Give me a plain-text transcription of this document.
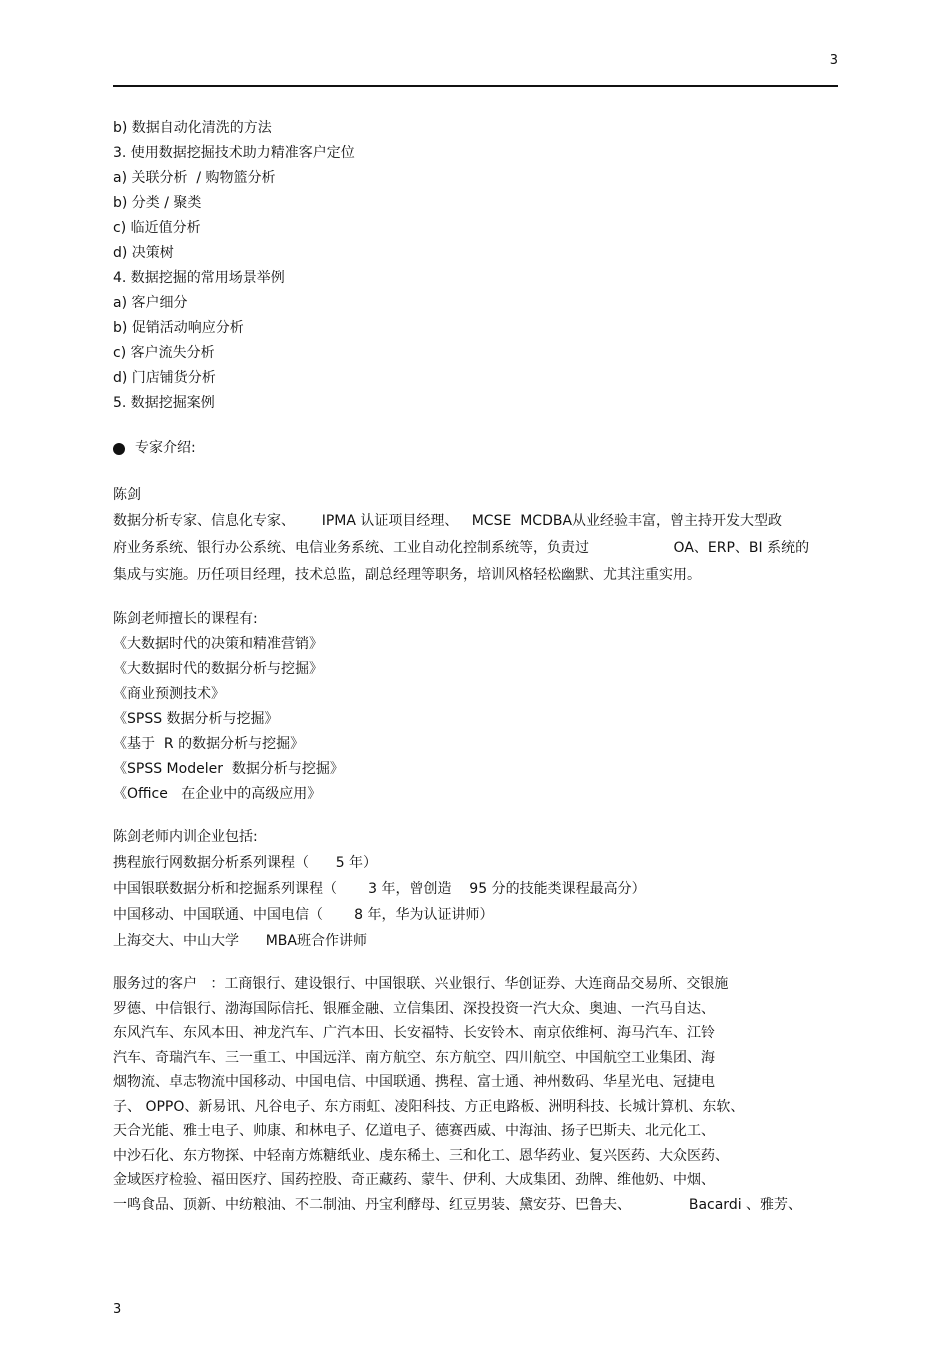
3
b) 数据自动化清洗的方法
3. 使用数据挖掘技术助力精准客户定位
a) 关联分析  / 购物篮分析
b) 分类 / 聚类
c) 临近值分析
d) 决策树
4. 数据挖掘的常用场景举例
a) 客户细分
b) 促销活动响应分析
c) 客户流失分析
d) 门店铺货分析
5. 数据挖掘案例
专家介绍:
陈剑
数据分析专家、信息化专家、      IPMA 认证项目经理、   MCSE  MCDBA从业经验丰富，曾主持开发大型政
府业务系统、银行办公系统、电信业务系统、工业自动化控制系统等，负责过                   OA、ERP、BI 系统的
集成与实施。历任项目经理，技术总监，副总经理等职务，培训风格轻松幽默、尤其注重实用。
陈剑老师擅长的课程有:
《大数据时代的决策和精准营销》
《大数据时代的数据分析与挖掘》
《商业预测技术》
《SPSS 数据分析与挖掘》
《基于  R 的数据分析与挖掘》
《SPSS Modeler  数据分析与挖掘》
《Office   在企业中的高级应用》
陈剑老师内训企业包括:
携程旅行网数据分析系列课程（      5 年）
中国银联数据分析和挖掘系列课程（       3 年，曾创造    95 分的技能类课程最高分）
中国移动、中国联通、中国电信（       8 年，华为认证讲师）
上海交大、中山大学      MBA班合作讲师
服务过的客户   ：工商银行、建设银行、中国银联、兴业银行、华创证券、大连商品交易所、交银施
罗德、中信银行、渤海国际信托、银雁金融、立信集团、深投投资一汽大众、奥迪、一汽马自达、
东风汽车、东风本田、神龙汽车、广汽本田、长安福特、长安铃木、南京依维柯、海马汽车、江铃
汽车、奇瑞汽车、三一重工、中国远洋、南方航空、东方航空、四川航空、中国航空工业集团、海
烟物流、卓志物流中国移动、中国电信、中国联通、携程、富士通、神州数码、华星光电、冠捷电
子、 OPPO、新易讯、凡谷电子、东方雨虹、凌阳科技、方正电路板、洲明科技、长城计算机、东软、
天合光能、雅士电子、帅康、和林电子、亿道电子、德赛西威、中海油、扬子巴斯夫、北元化工、
中沙石化、东方物探、中轻南方炼糖纸业、虔东稀土、三和化工、恩华药业、复兴医药、大众医药、
金域医疗检验、福田医疗、国药控股、奇正藏药、蒙牛、伊利、大成集团、劲牌、维他奶、中烟、
一鸣食品、顶新、中纺粮油、不二制油、丹宝利酵母、红豆男装、黛安芬、巴鲁夫、             Bacardi 、雅芳、
3
